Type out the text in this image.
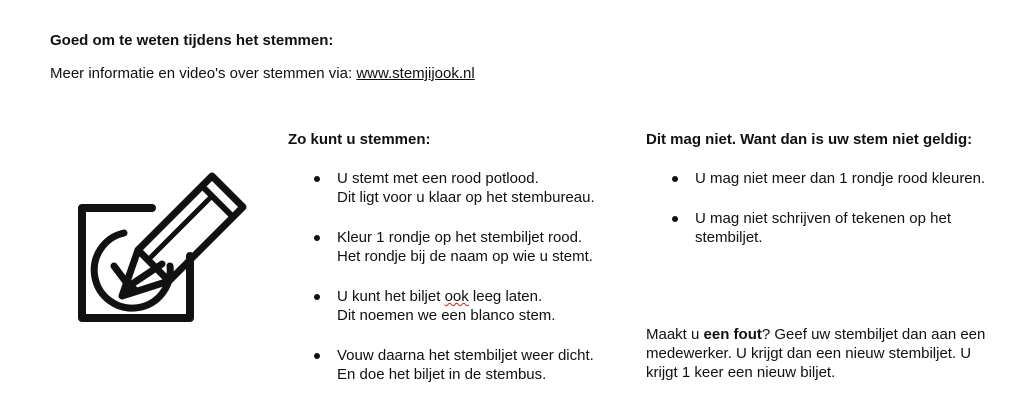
Goed om te weten tijdens het stemmen:
Meer informatie en video's over stemmen via: www.stemjijook.nl
Zo kunt u stemmen:
U stemt met een rood potlood.
Dit ligt voor u klaar op het stembureau.
Kleur 1 rondje op het stembiljet rood.
Het rondje bij de naam op wie u stemt.
U kunt het biljet ook leeg laten.
Dit noemen we een blanco stem.
Vouw daarna het stembiljet weer dicht.
En doe het biljet in de stembus.
Dit mag niet. Want dan is uw stem niet geldig:
U mag niet meer dan 1 rondje rood kleuren.
U mag niet schrijven of tekenen op het stembiljet.
Maakt u een fout? Geef uw stembiljet dan aan een medewerker. U krijgt dan een nieuw stembiljet. U krijgt 1 keer een nieuw biljet.
